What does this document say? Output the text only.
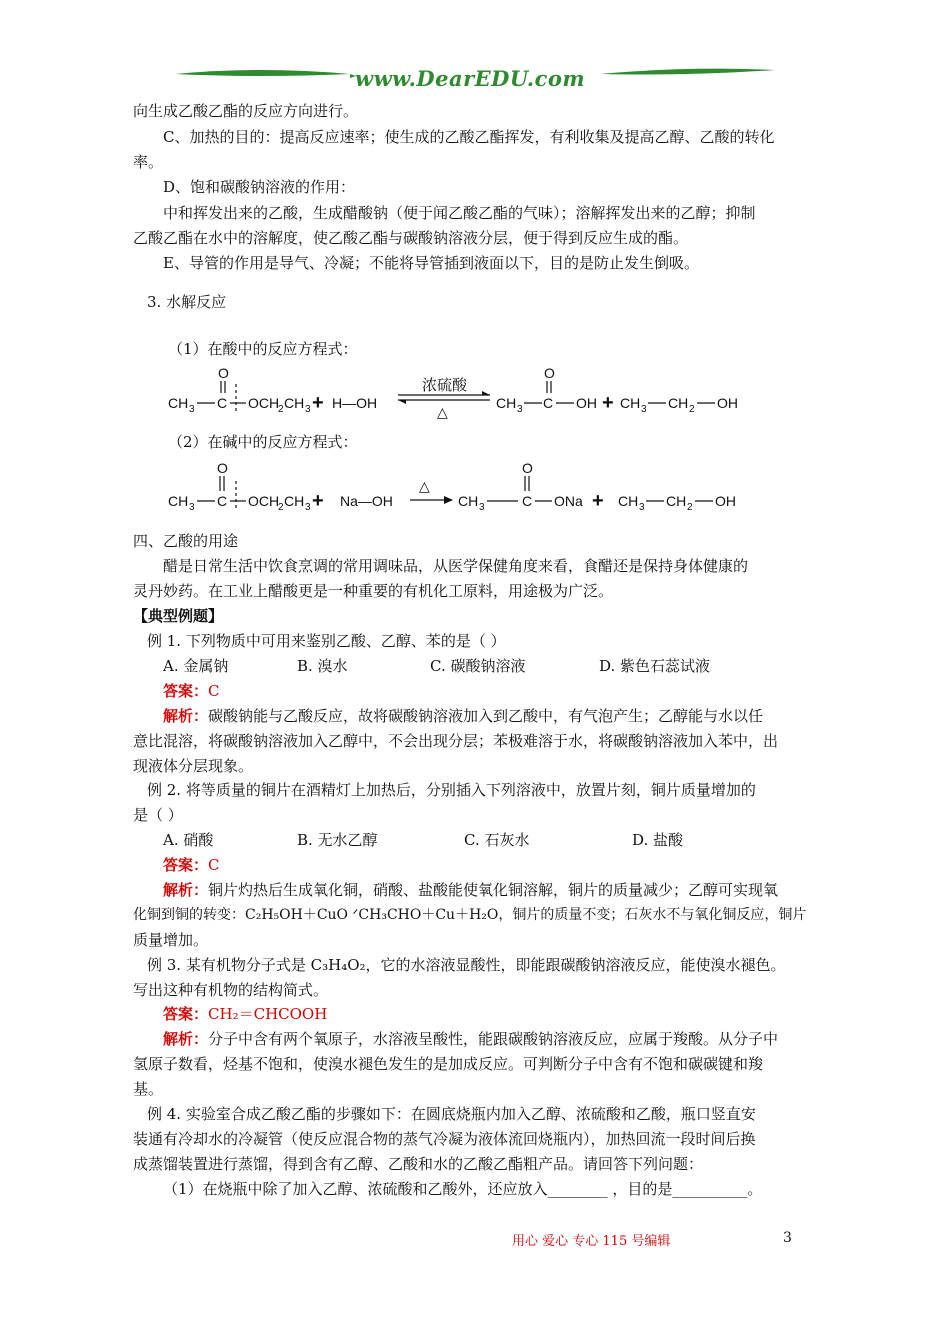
www.DearEDU.com
向生成乙酸乙酯的反应方向进行。
C、加热的目的：提高反应速率；使生成的乙酸乙酯挥发，有利收集及提高乙醇、乙酸的转化
率。
D、饱和碳酸钠溶液的作用：
中和挥发出来的乙酸，生成醋酸钠（便于闻乙酸乙酯的气味）；溶解挥发出来的乙醇；抑制
乙酸乙酯在水中的溶解度，使乙酸乙酯与碳酸钠溶液分层，便于得到反应生成的酯。
E、导管的作用是导气、冷凝；不能将导管插到液面以下，目的是防止发生倒吸。
3. 水解反应
（1）在酸中的反应方程式：
O
CH 3 C OCH
2 CH 3 + H—OH
浓硫酸
△
O
CH 3 C OH + CH 3 CH 2 OH
（2）在碱中的反应方程式：
O
CH 3 C OCH
2 CH 3 + Na—OH
△
O
CH 3	C ONa + CH 3 CH 2 OH
四、乙酸的用途
醋是日常生活中饮食烹调的常用调味品，从医学保健角度来看，食醋还是保持身体健康的
灵丹妙药。在工业上醋酸更是一种重要的有机化工原料，用途极为广泛。
【典型例题】
例 1. 下列物质中可用来鉴别乙酸、乙醇、苯的是（ ）
A. 金属钠	B. 溴水	C. 碳酸钠溶液	D. 紫色石蕊试液
答案：C
解析：碳酸钠能与乙酸反应，故将碳酸钠溶液加入到乙酸中，有气泡产生；乙醇能与水以任
意比混溶，将碳酸钠溶液加入乙醇中，不会出现分层；苯极难溶于水，将碳酸钠溶液加入苯中，出
现液体分层现象。
例 2. 将等质量的铜片在酒精灯上加热后，分别插入下列溶液中，放置片刻，铜片质量增加的
是（ ）
A. 硝酸	B. 无水乙醇	C. 石灰水	D. 盐酸
答案：C
解析：铜片灼热后生成氧化铜，硝酸、盐酸能使氧化铜溶解，铜片的质量减少；乙醇可实现氧
化铜到铜的转变：C₂H₅OH＋CuO ᐟCH₃CHO＋Cu＋H₂O，铜片的质量不变；石灰水不与氧化铜反应，铜片
质量增加。
例 3. 某有机物分子式是 C₃H₄O₂，它的水溶液显酸性，即能跟碳酸钠溶液反应，能使溴水褪色。
写出这种有机物的结构简式。
答案：CH₂＝CHCOOH
解析：分子中含有两个氧原子，水溶液呈酸性，能跟碳酸钠溶液反应，应属于羧酸。从分子中
氢原子数看，烃基不饱和，使溴水褪色发生的是加成反应。可判断分子中含有不饱和碳碳键和羧
基。
例 4. 实验室合成乙酸乙酯的步骤如下：在圆底烧瓶内加入乙醇、浓硫酸和乙酸，瓶口竖直安
装通有冷却水的冷凝管（使反应混合物的蒸气冷凝为液体流回烧瓶内），加热回流一段时间后换
成蒸馏装置进行蒸馏，得到含有乙醇、乙酸和水的乙酸乙酯粗产品。请回答下列问题：
（1）在烧瓶中除了加入乙醇、浓硫酸和乙酸外，还应放入________ ，目的是__________。
用心 爱心 专心 115 号编辑	3
